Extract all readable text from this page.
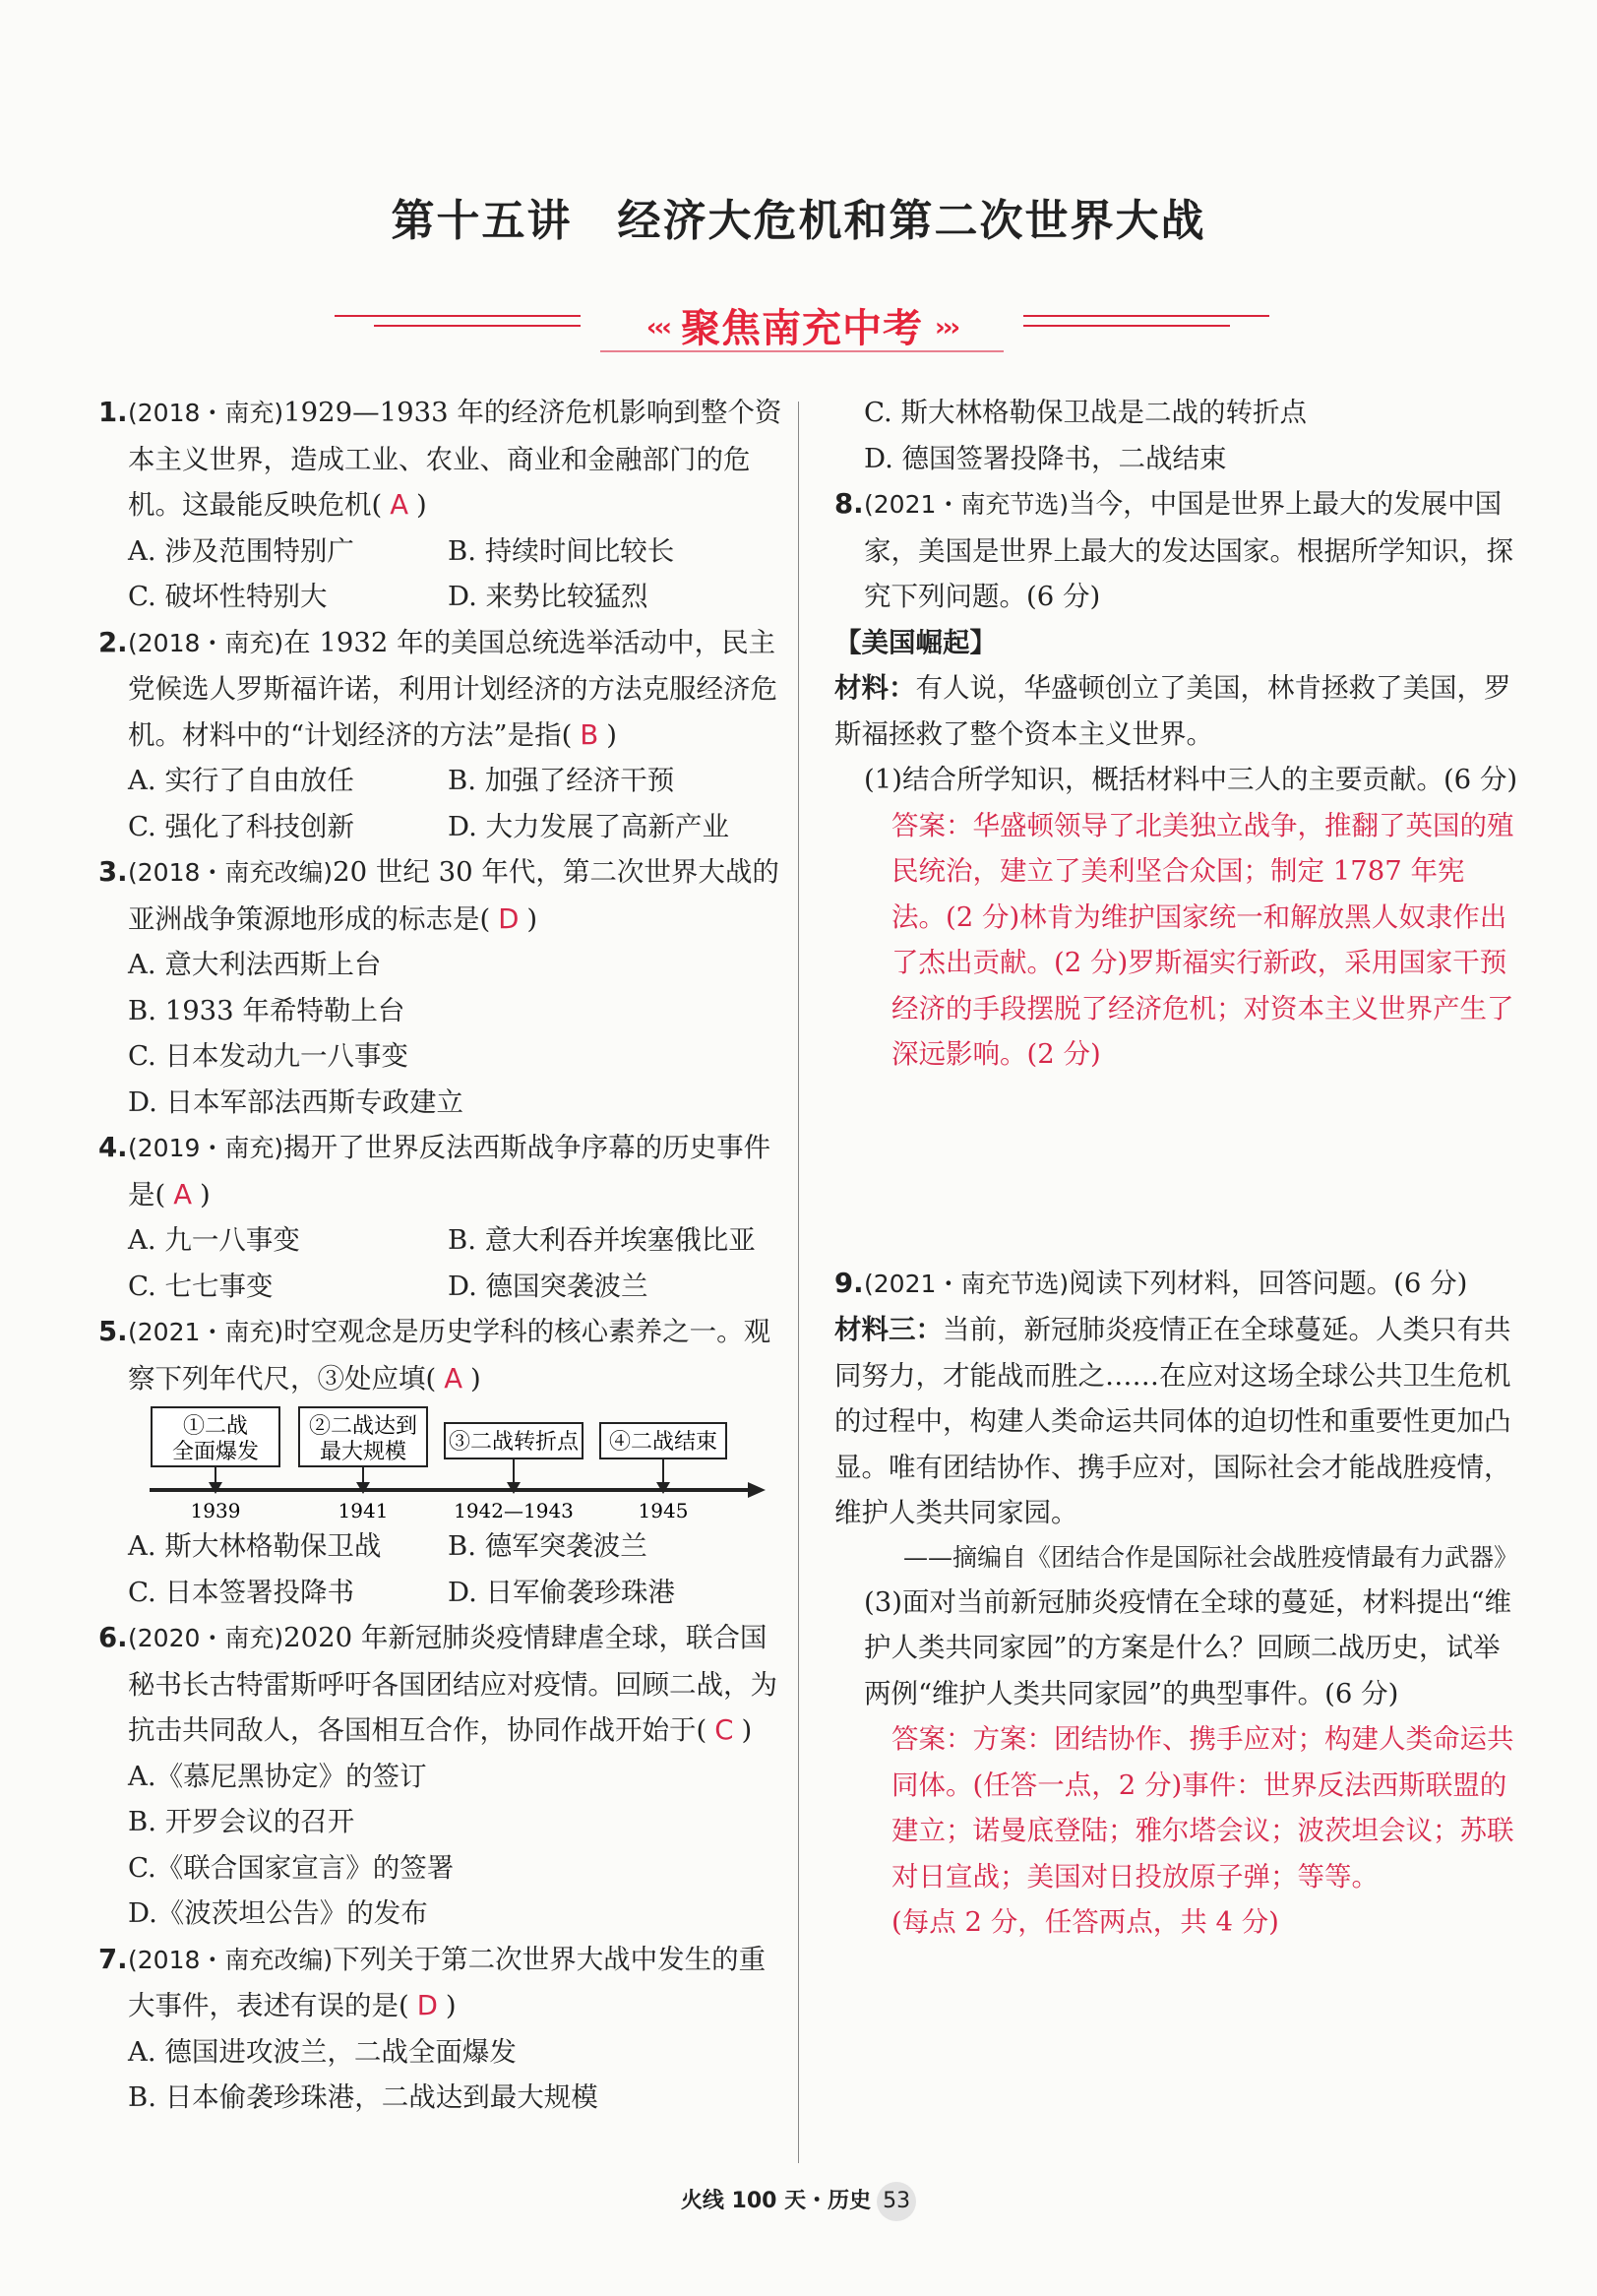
第十五讲　经济大危机和第二次世界大战
‹‹‹ 聚焦南充中考 ›››
1. (2018・南充)1929—1933 年的经济危机影响到整个资本主义世界，造成工业、农业、商业和金融部门的危机。这最能反映危机( A )
A. 涉及范围特别广	B. 持续时间比较长
C. 破坏性特别大	D. 来势比较猛烈
2. (2018・南充)在 1932 年的美国总统选举活动中，民主党候选人罗斯福许诺，利用计划经济的方法克服经济危机。材料中的“计划经济的方法”是指( B )
A. 实行了自由放任	B. 加强了经济干预
C. 强化了科技创新	D. 大力发展了高新产业
3. (2018・南充改编)20 世纪 30 年代，第二次世界大战的亚洲战争策源地形成的标志是( D )
A. 意大利法西斯上台
B. 1933 年希特勒上台
C. 日本发动九一八事变
D. 日本军部法西斯专政建立
4. (2019・南充)揭开了世界反法西斯战争序幕的历史事件是( A )
A. 九一八事变	B. 意大利吞并埃塞俄比亚
C. 七七事变	D. 德国突袭波兰
5. (2021・南充)时空观念是历史学科的核心素养之一。观察下列年代尺，③处应填( A )
①二战
全面爆发
②二战达到
最大规模 ③二战转折点 ④二战结束
1939	1941	1942—1943	1945
A. 斯大林格勒保卫战	B. 德军突袭波兰
C. 日本签署投降书	D. 日军偷袭珍珠港
6. (2020・南充)2020 年新冠肺炎疫情肆虐全球，联合国秘书长古特雷斯呼吁各国团结应对疫情。回顾二战，为抗击共同敌人，各国相互合作，协同作战开始于( C )
A.《慕尼黑协定》的签订
B. 开罗会议的召开
C.《联合国家宣言》的签署
D.《波茨坦公告》的发布
7. (2018・南充改编)下列关于第二次世界大战中发生的重大事件，表述有误的是( D )
A. 德国进攻波兰，二战全面爆发
B. 日本偷袭珍珠港，二战达到最大规模
C. 斯大林格勒保卫战是二战的转折点
D. 德国签署投降书，二战结束
8. (2021・南充节选)当今，中国是世界上最大的发展中国家，美国是世界上最大的发达国家。根据所学知识，探究下列问题。(6 分)
【美国崛起】
材料：有人说，华盛顿创立了美国，林肯拯救了美国，罗斯福拯救了整个资本主义世界。
(1)结合所学知识，概括材料中三人的主要贡献。(6 分)
答案：华盛顿领导了北美独立战争，推翻了英国的殖民统治，建立了美利坚合众国；制定 1787 年宪法。(2 分)林肯为维护国家统一和解放黑人奴隶作出了杰出贡献。(2 分)罗斯福实行新政，采用国家干预经济的手段摆脱了经济危机；对资本主义世界产生了深远影响。(2 分)
9. (2021・南充节选)阅读下列材料，回答问题。(6 分)
材料三：当前，新冠肺炎疫情正在全球蔓延。人类只有共同努力，才能战而胜之……在应对这场全球公共卫生危机的过程中，构建人类命运共同体的迫切性和重要性更加凸显。唯有团结协作、携手应对，国际社会才能战胜疫情，维护人类共同家园。
——摘编自《团结合作是国际社会战胜疫情最有力武器》
(3)面对当前新冠肺炎疫情在全球的蔓延，材料提出“维护人类共同家园”的方案是什么？回顾二战历史，试举两例“维护人类共同家园”的典型事件。(6 分)
答案：方案：团结协作、携手应对；构建人类命运共同体。(任答一点，2 分)事件：世界反法西斯联盟的建立；诺曼底登陆；雅尔塔会议；波茨坦会议；苏联对日宣战；美国对日投放原子弹；等等。
(每点 2 分，任答两点，共 4 分)
火线 100 天・历史 53
